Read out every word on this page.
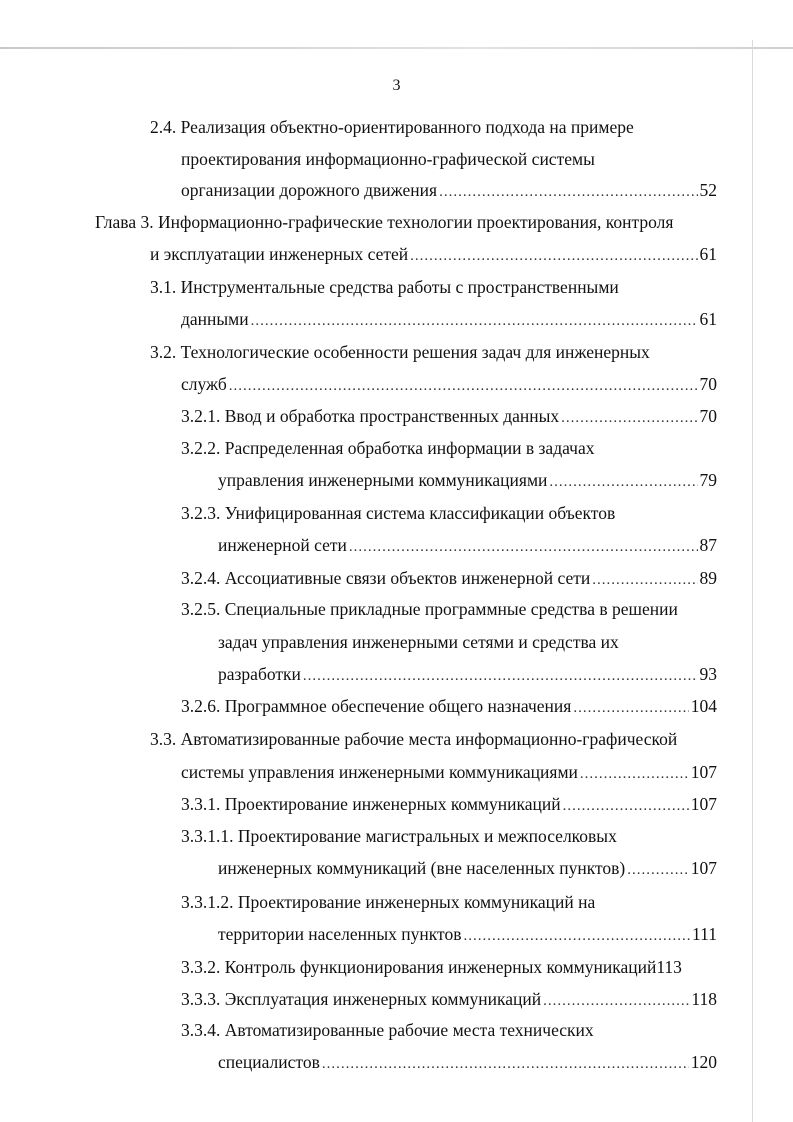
3
2.4. Реализация объектно-ориентированного подхода на примере
проектирования информационно-графической системы
организации дорожного движения .....	52
Глава 3. Информационно-графические технологии проектирования, контроля
и эксплуатации инженерных сетей .....	61
3.1. Инструментальные средства работы с пространственными
данными .....	61
3.2. Технологические особенности решения задач для инженерных
служб .....	70
3.2.1. Ввод и обработка пространственных данных .....	70
3.2.2. Распределенная обработка информации в задачах
управления инженерными коммуникациями .....	79
3.2.3. Унифицированная система классификации объектов
инженерной сети .....	87
3.2.4. Ассоциативные связи объектов инженерной сети .....	89
3.2.5. Специальные прикладные программные средства в решении
задач управления инженерными сетями и средства их
разработки .....	93
3.2.6. Программное обеспечение общего назначения .....	104
3.3. Автоматизированные рабочие места информационно-графической
системы управления инженерными коммуникациями .....	107
3.3.1. Проектирование инженерных коммуникаций .....	107
3.3.1.1. Проектирование магистральных и межпоселковых
инженерных коммуникаций (вне населенных пунктов) .....	107
3.3.1.2. Проектирование инженерных коммуникаций на
территории населенных пунктов .....	111
3.3.2. Контроль функционирования инженерных коммуникаций 113
3.3.3. Эксплуатация инженерных коммуникаций .....	118
3.3.4. Автоматизированные рабочие места технических
специалистов .....	120
